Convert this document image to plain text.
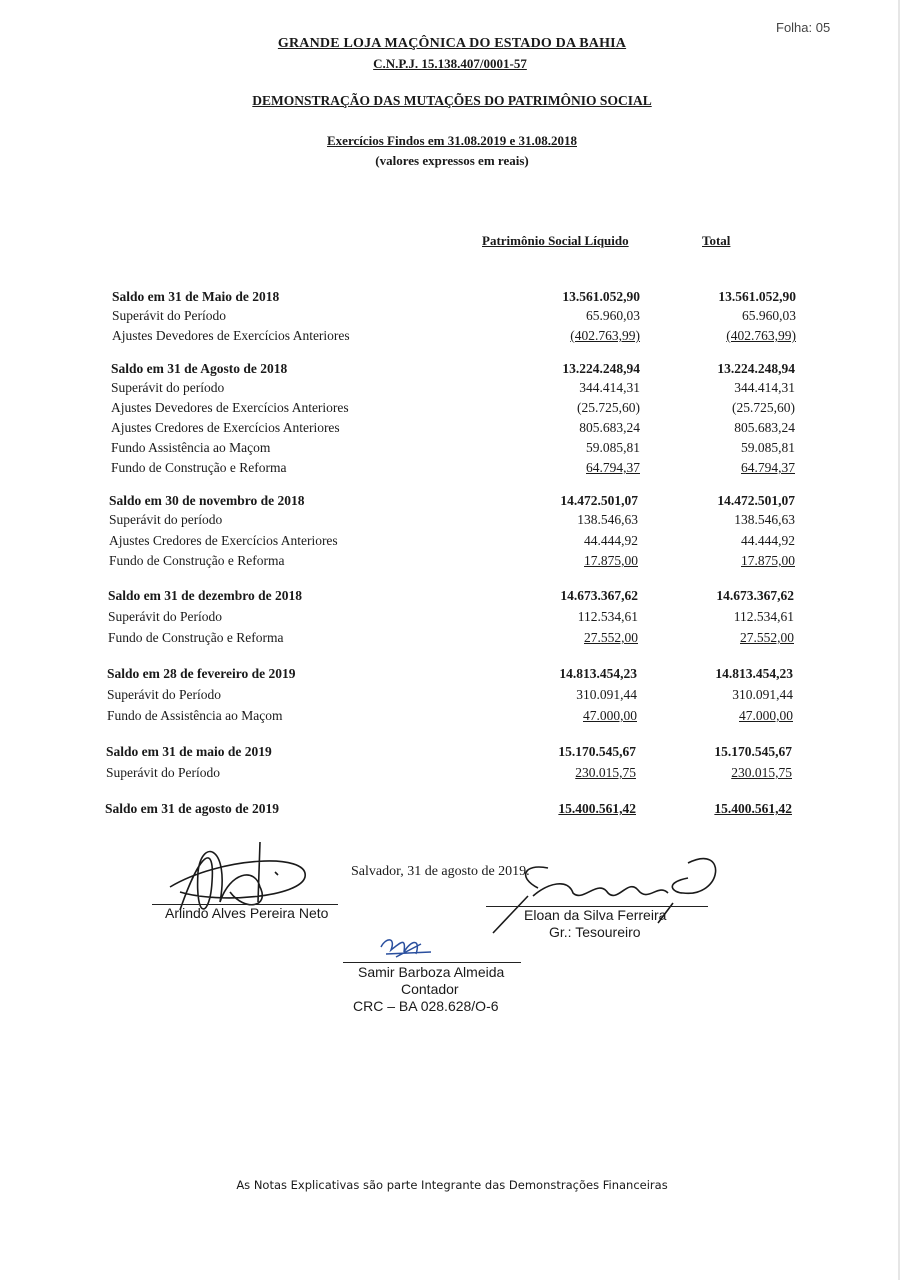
Folha: 05
GRANDE LOJA MAÇÔNICA DO ESTADO DA BAHIA
C.N.P.J. 15.138.407/0001-57
DEMONSTRAÇÃO DAS MUTAÇÕES DO PATRIMÔNIO SOCIAL
Exercícios Findos em 31.08.2019 e 31.08.2018
(valores expressos em reais)
Patrimônio Social Líquido	Total
Saldo em 31 de Maio de 2018	13.561.052,90	13.561.052,90
Superávit do Período	65.960,03	65.960,03
Ajustes Devedores de Exercícios Anteriores	(402.763,99)	(402.763,99)
Saldo em 31 de Agosto de 2018	13.224.248,94	13.224.248,94
Superávit do período	344.414,31	344.414,31
Ajustes Devedores de Exercícios Anteriores	(25.725,60)	(25.725,60)
Ajustes Credores de Exercícios Anteriores	805.683,24	805.683,24
Fundo Assistência ao Maçom	59.085,81	59.085,81
Fundo de Construção e Reforma	64.794,37	64.794,37
Saldo em 30 de novembro de 2018	14.472.501,07	14.472.501,07
Superávit do período	138.546,63	138.546,63
Ajustes Credores de Exercícios Anteriores	44.444,92	44.444,92
Fundo de Construção e Reforma	17.875,00	17.875,00
Saldo em 31 de dezembro de 2018	14.673.367,62	14.673.367,62
Superávit do Período	112.534,61	112.534,61
Fundo de Construção e Reforma	27.552,00	27.552,00
Saldo em 28 de fevereiro de 2019	14.813.454,23	14.813.454,23
Superávit do Período	310.091,44	310.091,44
Fundo de Assistência ao Maçom	47.000,00	47.000,00
Saldo em 31 de maio de 2019	15.170.545,67	15.170.545,67
Superávit do Período	230.015,75	230.015,75
Saldo em 31 de agosto de 2019	15.400.561,42	15.400.561,42
Salvador, 31 de agosto de 2019.
Arlindo Alves Pereira Neto	Eloan da Silva Ferreira
Gr.: Tesoureiro
Samir Barboza Almeida
Contador
CRC – BA 028.628/O-6
As Notas Explicativas são parte Integrante das Demonstrações Financeiras
